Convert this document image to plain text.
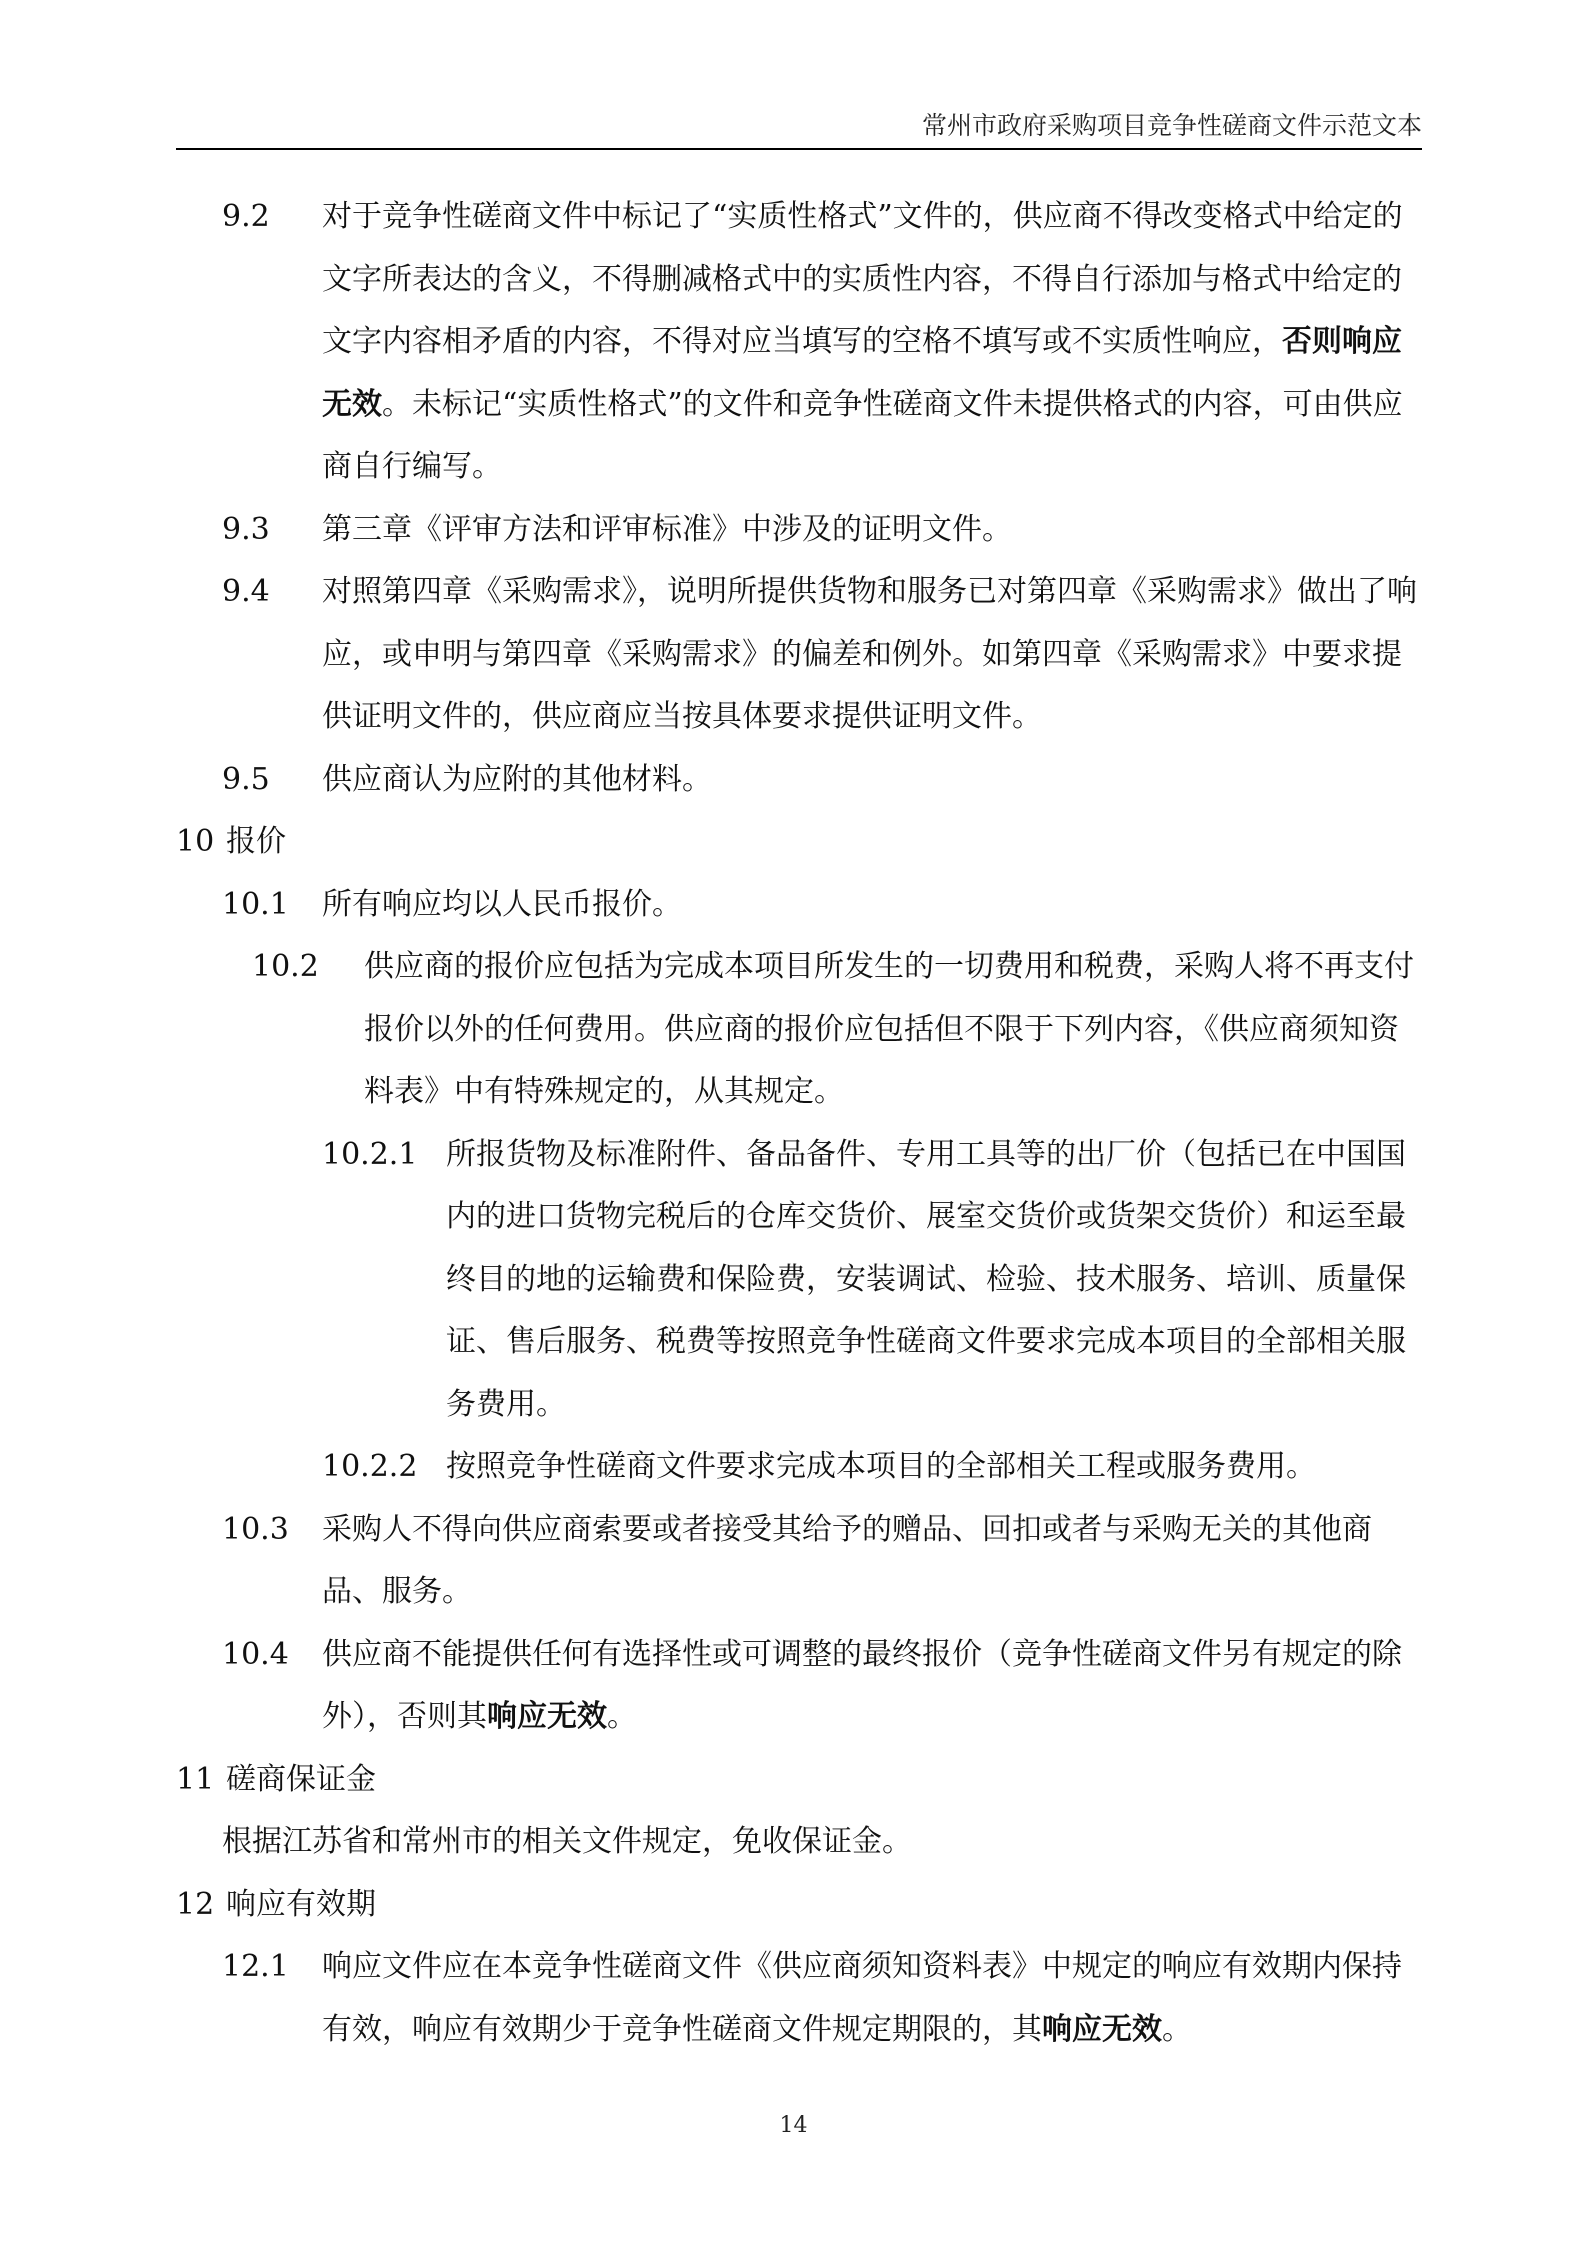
常州市政府采购项目竞争性磋商文件示范文本
9.2	对于竞争性磋商文件中标记了“实质性格式”文件的，供应商不得改变格式中给定的文字所表达的含义，不得删减格式中的实质性内容，不得自行添加与格式中给定的文字内容相矛盾的内容，不得对应当填写的空格不填写或不实质性响应，否则响应无效。未标记“实质性格式”的文件和竞争性磋商文件未提供格式的内容，可由供应商自行编写。
9.3	第三章《评审方法和评审标准》中涉及的证明文件。
9.4	对照第四章《采购需求》，说明所提供货物和服务已对第四章《采购需求》做出了响应，或申明与第四章《采购需求》的偏差和例外。如第四章《采购需求》中要求提供证明文件的，供应商应当按具体要求提供证明文件。
9.5	供应商认为应附的其他材料。
10 报价
10.1	所有响应均以人民币报价。
10.2	供应商的报价应包括为完成本项目所发生的一切费用和税费，采购人将不再支付报价以外的任何费用。供应商的报价应包括但不限于下列内容，《供应商须知资料表》中有特殊规定的，从其规定。
10.2.1 所报货物及标准附件、备品备件、专用工具等的出厂价（包括已在中国国内的进口货物完税后的仓库交货价、展室交货价或货架交货价）和运至最终目的地的运输费和保险费，安装调试、检验、技术服务、培训、质量保证、售后服务、税费等按照竞争性磋商文件要求完成本项目的全部相关服务费用。
10.2.2 按照竞争性磋商文件要求完成本项目的全部相关工程或服务费用。
10.3	采购人不得向供应商索要或者接受其给予的赠品、回扣或者与采购无关的其他商品、服务。
10.4	供应商不能提供任何有选择性或可调整的最终报价（竞争性磋商文件另有规定的除外），否则其响应无效。
11 磋商保证金
根据江苏省和常州市的相关文件规定，免收保证金。
12 响应有效期
12.1	响应文件应在本竞争性磋商文件《供应商须知资料表》中规定的响应有效期内保持有效，响应有效期少于竞争性磋商文件规定期限的，其响应无效。
14
